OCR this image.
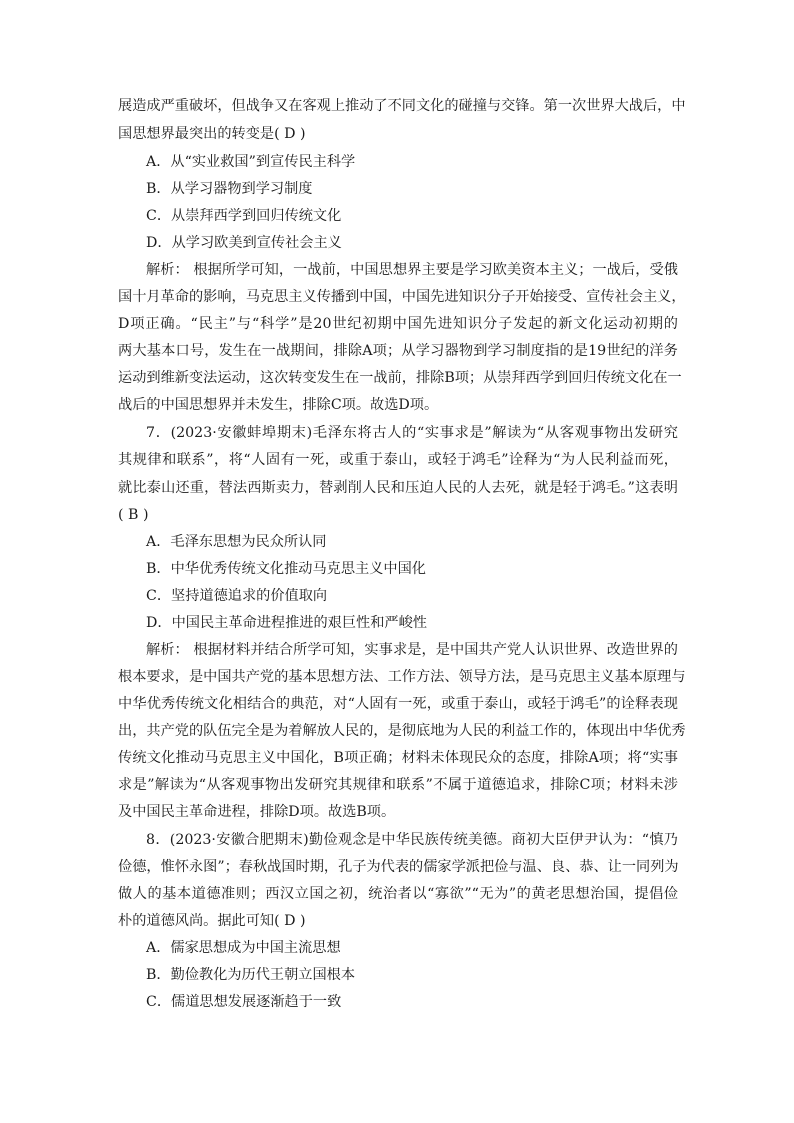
展造成严重破坏，但战争又在客观上推动了不同文化的碰撞与交锋。第一次世界大战后，中
国思想界最突出的转变是( D )
A．从“实业救国”到宣传民主科学
B．从学习器物到学习制度
C．从崇拜西学到回归传统文化
D．从学习欧美到宣传社会主义
解析： 根据所学可知，一战前，中国思想界主要是学习欧美资本主义；一战后，受俄
国十月革命的影响，马克思主义传播到中国，中国先进知识分子开始接受、宣传社会主义，
D项正确。“民主”与“科学”是20世纪初期中国先进知识分子发起的新文化运动初期的
两大基本口号，发生在一战期间，排除A项；从学习器物到学习制度指的是19世纪的洋务
运动到维新变法运动，这次转变发生在一战前，排除B项；从崇拜西学到回归传统文化在一
战后的中国思想界并未发生，排除C项。故选D项。
7．(2023·安徽蚌埠期末)毛泽东将古人的“实事求是”解读为“从客观事物出发研究
其规律和联系”，将“人固有一死，或重于泰山，或轻于鸿毛”诠释为“为人民利益而死，
就比泰山还重，替法西斯卖力，替剥削人民和压迫人民的人去死，就是轻于鸿毛。”这表明
( B )
A．毛泽东思想为民众所认同
B．中华优秀传统文化推动马克思主义中国化
C．坚持道德追求的价值取向
D．中国民主革命进程推进的艰巨性和严峻性
解析： 根据材料并结合所学可知，实事求是，是中国共产党人认识世界、改造世界的
根本要求，是中国共产党的基本思想方法、工作方法、领导方法，是马克思主义基本原理与
中华优秀传统文化相结合的典范，对“人固有一死，或重于泰山，或轻于鸿毛”的诠释表现
出，共产党的队伍完全是为着解放人民的，是彻底地为人民的利益工作的，体现出中华优秀
传统文化推动马克思主义中国化，B项正确；材料未体现民众的态度，排除A项；将“实事
求是”解读为“从客观事物出发研究其规律和联系”不属于道德追求，排除C项；材料未涉
及中国民主革命进程，排除D项。故选B项。
8．(2023·安徽合肥期末)勤俭观念是中华民族传统美德。商初大臣伊尹认为：“慎乃
俭德，惟怀永图”；春秋战国时期，孔子为代表的儒家学派把俭与温、良、恭、让一同列为
做人的基本道德准则；西汉立国之初，统治者以“寡欲”“无为”的黄老思想治国，提倡俭
朴的道德风尚。据此可知( D )
A．儒家思想成为中国主流思想
B．勤俭教化为历代王朝立国根本
C．儒道思想发展逐渐趋于一致
